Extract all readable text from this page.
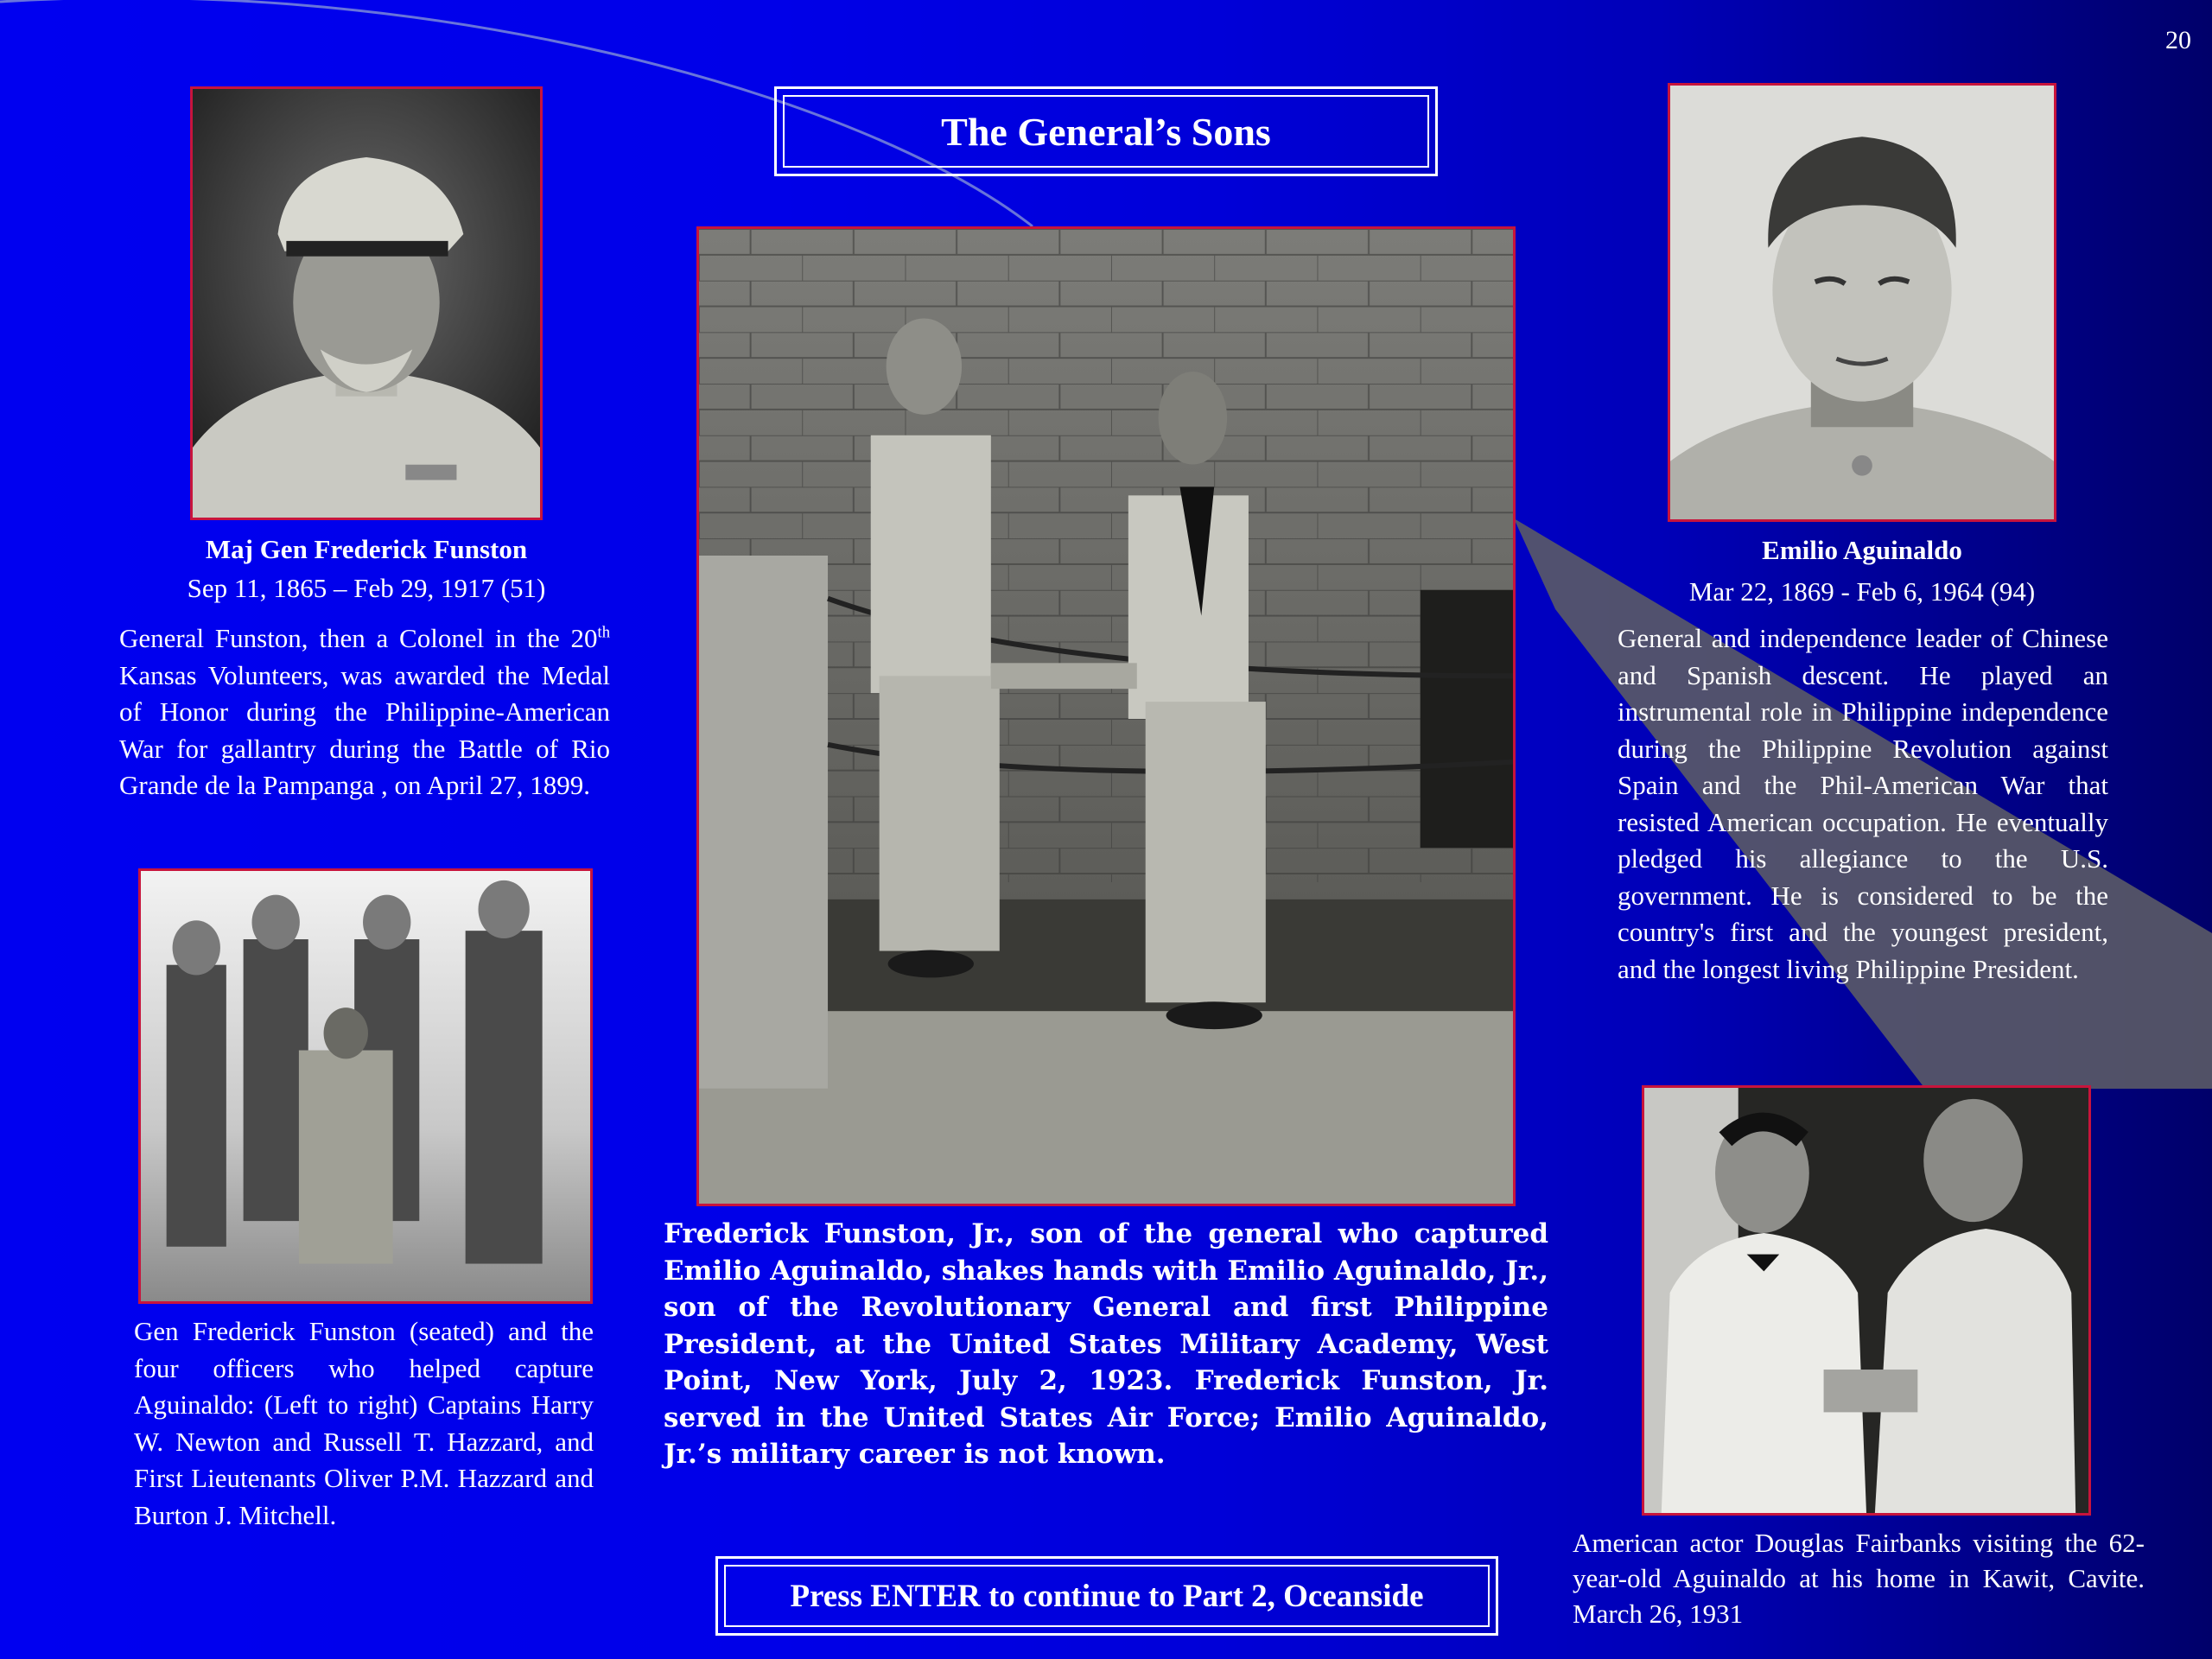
20
The General’s Sons
Maj Gen Frederick Funston
Sep 11, 1865 – Feb 29, 1917 (51)
General Funston, then a Colonel in the 20th Kansas Volunteers, was awarded the Medal of Honor during the Philippine-American War for gallantry during the Battle of Rio Grande de la Pampanga , on April 27, 1899.
Gen Frederick Funston (seated) and the four officers who helped capture Aguinaldo: (Left to right) Captains Harry W. Newton and Russell T. Hazzard, and First Lieutenants Oliver P.M. Hazzard and Burton J. Mitchell.
Frederick Funston, Jr., son of the general who captured Emilio Aguinaldo, shakes hands with Emilio Aguinaldo, Jr., son of the Revolutionary General and first Philippine President, at the United States Military Academy, West Point, New York, July 2, 1923. Frederick Funston, Jr. served in the United States Air Force; Emilio Aguinaldo, Jr.’s military career is not known.
Emilio Aguinaldo
Mar 22, 1869 - Feb 6, 1964 (94)
General and independence leader of Chinese and Spanish descent. He played an instrumental role in Philippine independence during the Philippine Revolution against Spain and the Phil-American War that resisted American occupation. He eventually pledged his allegiance to the U.S. government. He is considered to be the country's first and the youngest president, and the longest living Philippine President.
American actor Douglas Fairbanks visiting the 62-year-old Aguinaldo at his home in Kawit, Cavite. March 26, 1931
Press ENTER to continue to Part 2, Oceanside
